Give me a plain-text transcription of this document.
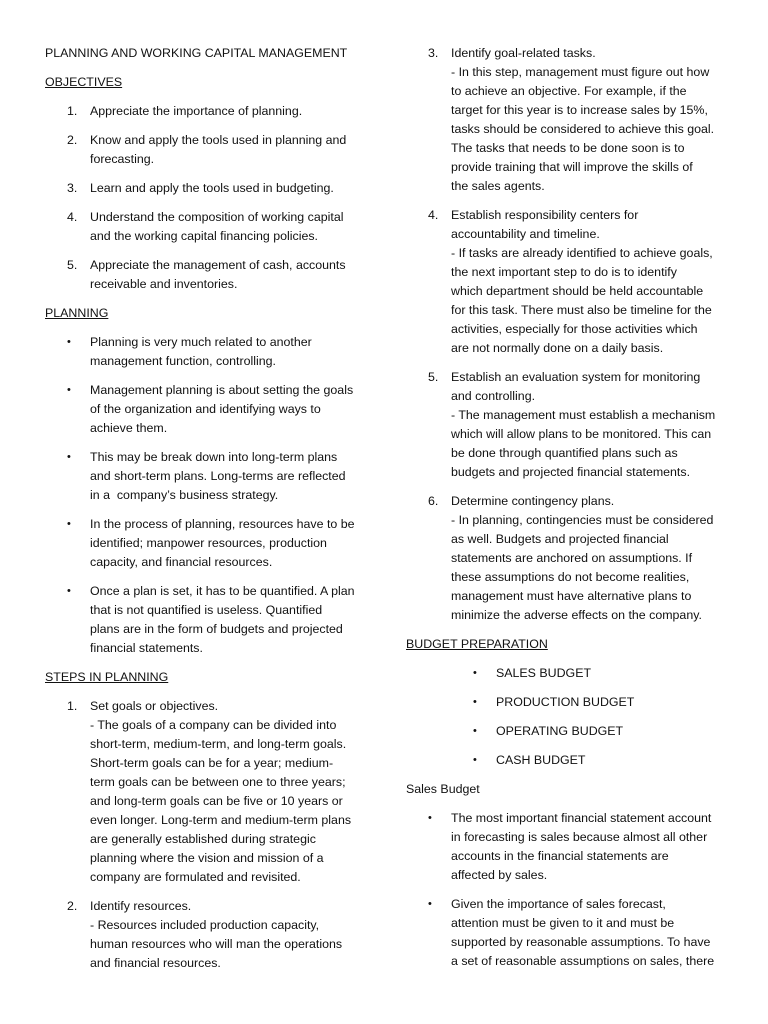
PLANNING AND WORKING CAPITAL MANAGEMENT

OBJECTIVES

1. Appreciate the importance of planning.

2. Know and apply the tools used in planning and

forecasting.

3. Learn and apply the tools used in budgeting.

4. Understand the composition of working capital

and the working capital financing policies.

5. Appreciate the management of cash, accounts

receivable and inventories.

PLANNING

• Planning is very much related to another

management function, controlling.

• Management planning is about setting the goals

of the organization and identifying ways to

achieve them.

• This may be break down into long-term plans

and short-term plans. Long-terms are reflected

in a  company’s business strategy.

• In the process of planning, resources have to be

identified; manpower resources, production

capacity, and financial resources.

• Once a plan is set, it has to be quantified. A plan

that is not quantified is useless. Quantified

plans are in the form of budgets and projected

financial statements.

STEPS IN PLANNING

1. Set goals or objectives.

- The goals of a company can be divided into

short-term, medium-term, and long-term goals.

Short-term goals can be for a year; medium-

term goals can be between one to three years;

and long-term goals can be five or 10 years or

even longer. Long-term and medium-term plans

are generally established during strategic

planning where the vision and mission of a

company are formulated and revisited.

2. Identify resources.

- Resources included production capacity,

human resources who will man the operations

and financial resources.

3. Identify goal-related tasks.

- In this step, management must figure out how

to achieve an objective. For example, if the

target for this year is to increase sales by 15%,

tasks should be considered to achieve this goal.

The tasks that needs to be done soon is to

provide training that will improve the skills of

the sales agents.

4. Establish responsibility centers for

accountability and timeline.

- If tasks are already identified to achieve goals,

the next important step to do is to identify

which department should be held accountable

for this task. There must also be timeline for the

activities, especially for those activities which

are not normally done on a daily basis.

5. Establish an evaluation system for monitoring

and controlling.

- The management must establish a mechanism

which will allow plans to be monitored. This can

be done through quantified plans such as

budgets and projected financial statements.

6. Determine contingency plans.

- In planning, contingencies must be considered

as well. Budgets and projected financial

statements are anchored on assumptions. If

these assumptions do not become realities,

management must have alternative plans to

minimize the adverse effects on the company.

BUDGET PREPARATION

• SALES BUDGET

• PRODUCTION BUDGET

• OPERATING BUDGET

• CASH BUDGET

Sales Budget

• The most important financial statement account

in forecasting is sales because almost all other

accounts in the financial statements are

affected by sales.

• Given the importance of sales forecast,

attention must be given to it and must be

supported by reasonable assumptions. To have

a set of reasonable assumptions on sales, there
